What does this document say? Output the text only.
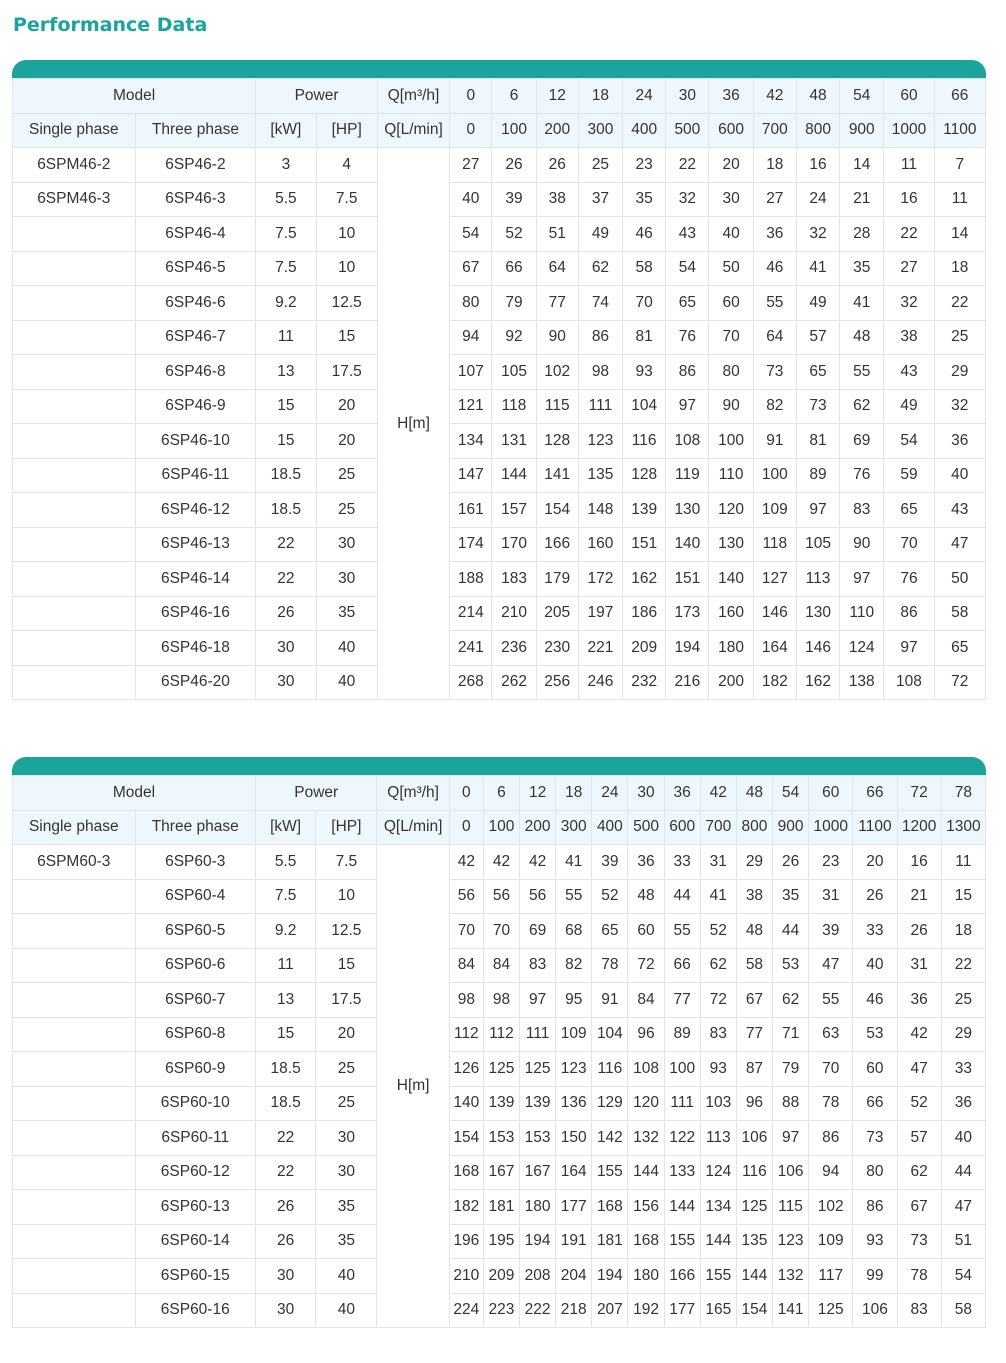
Performance Data
Model		Power		Q[m³/h]	0	6	12	18	24	30	36	42	48	54	60	66
Single phase	Three phase	[kW]	[HP]	Q[L/min]	0	100	200	300	400	500	600	700	800	900	1000	1100
6SPM46-2	6SP46-2	3	4	H[m]	27	26	26	25	23	22	20	18	16	14	11	7
6SPM46-3	6SP46-3	5.5	7.5		40	39	38	37	35	32	30	27	24	21	16	11
	6SP46-4	7.5	10		54	52	51	49	46	43	40	36	32	28	22	14
	6SP46-5	7.5	10		67	66	64	62	58	54	50	46	41	35	27	18
	6SP46-6	9.2	12.5		80	79	77	74	70	65	60	55	49	41	32	22
	6SP46-7	11	15		94	92	90	86	81	76	70	64	57	48	38	25
	6SP46-8	13	17.5		107	105	102	98	93	86	80	73	65	55	43	29
	6SP46-9	15	20		121	118	115	111	104	97	90	82	73	62	49	32
	6SP46-10	15	20		134	131	128	123	116	108	100	91	81	69	54	36
	6SP46-11	18.5	25		147	144	141	135	128	119	110	100	89	76	59	40
	6SP46-12	18.5	25		161	157	154	148	139	130	120	109	97	83	65	43
	6SP46-13	22	30		174	170	166	160	151	140	130	118	105	90	70	47
	6SP46-14	22	30		188	183	179	172	162	151	140	127	113	97	76	50
	6SP46-16	26	35		214	210	205	197	186	173	160	146	130	110	86	58
	6SP46-18	30	40		241	236	230	221	209	194	180	164	146	124	97	65
	6SP46-20	30	40		268	262	256	246	232	216	200	182	162	138	108	72
Model		Power		Q[m³/h]	0	6	12	18	24	30	36	42	48	54	60	66	72	78
Single phase	Three phase	[kW]	[HP]	Q[L/min]	0	100	200	300	400	500	600	700	800	900	1000	1100	1200	1300
6SPM60-3	6SP60-3	5.5	7.5	H[m]	42	42	42	41	39	36	33	31	29	26	23	20	16	11
	6SP60-4	7.5	10		56	56	56	55	52	48	44	41	38	35	31	26	21	15
	6SP60-5	9.2	12.5		70	70	69	68	65	60	55	52	48	44	39	33	26	18
	6SP60-6	11	15		84	84	83	82	78	72	66	62	58	53	47	40	31	22
	6SP60-7	13	17.5		98	98	97	95	91	84	77	72	67	62	55	46	36	25
	6SP60-8	15	20		112	112	111	109	104	96	89	83	77	71	63	53	42	29
	6SP60-9	18.5	25		126	125	125	123	116	108	100	93	87	79	70	60	47	33
	6SP60-10	18.5	25		140	139	139	136	129	120	111	103	96	88	78	66	52	36
	6SP60-11	22	30		154	153	153	150	142	132	122	113	106	97	86	73	57	40
	6SP60-12	22	30		168	167	167	164	155	144	133	124	116	106	94	80	62	44
	6SP60-13	26	35		182	181	180	177	168	156	144	134	125	115	102	86	67	47
	6SP60-14	26	35		196	195	194	191	181	168	155	144	135	123	109	93	73	51
	6SP60-15	30	40		210	209	208	204	194	180	166	155	144	132	117	99	78	54
	6SP60-16	30	40		224	223	222	218	207	192	177	165	154	141	125	106	83	58
